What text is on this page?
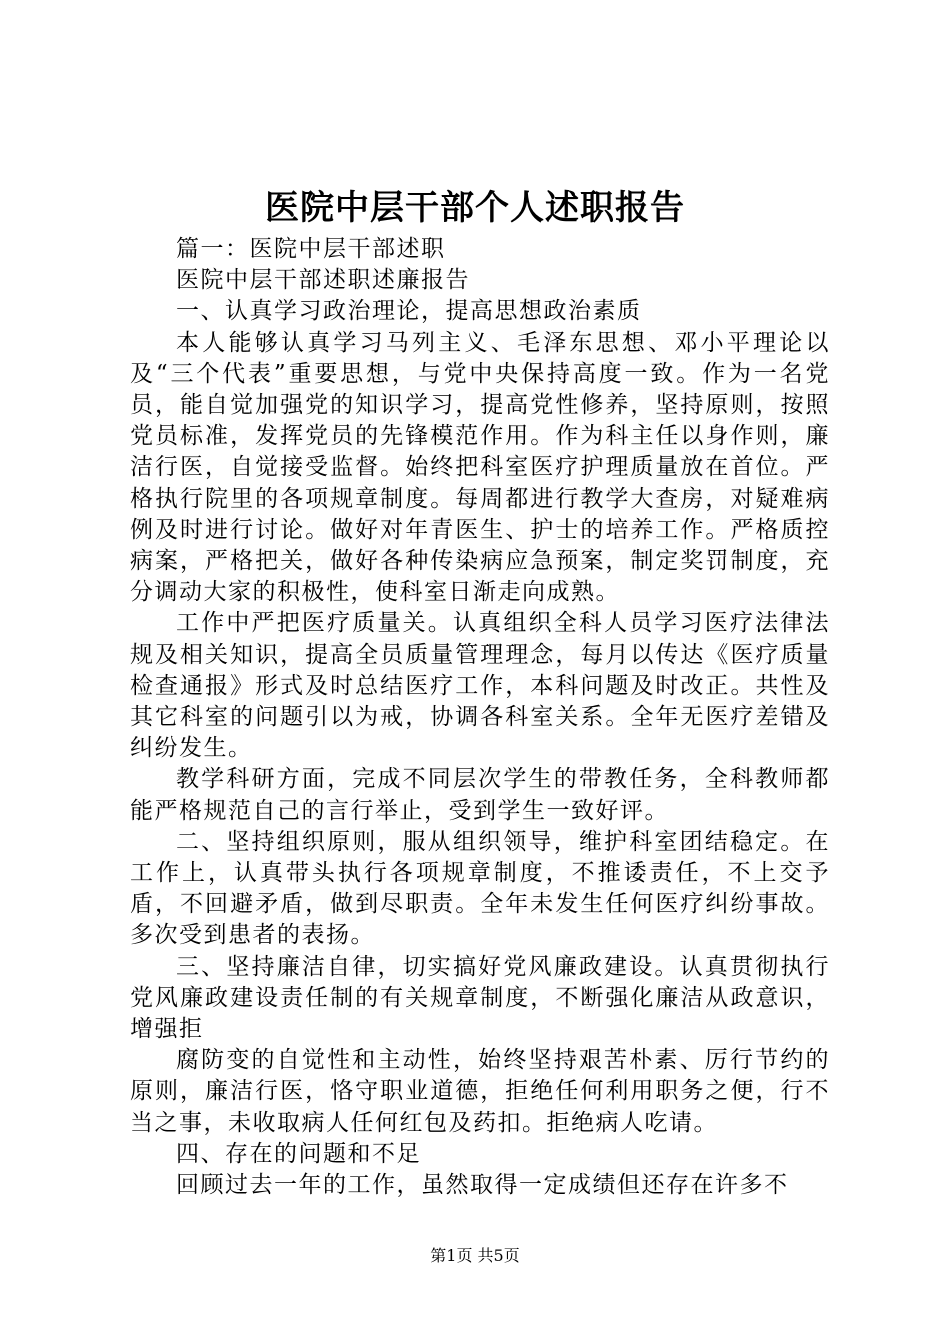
医院中层干部个人述职报告

篇一：医院中层干部述职

医院中层干部述职述廉报告

一、认真学习政治理论，提高思想政治素质

本人能够认真学习马列主义、毛泽东思想、邓小平理论以及“三个代表”重要思想，与党中央保持高度一致。作为一名党员，能自觉加强党的知识学习，提高党性修养，坚持原则，按照党员标准，发挥党员的先锋模范作用。作为科主任以身作则，廉洁行医，自觉接受监督。始终把科室医疗护理质量放在首位。严格执行院里的各项规章制度。每周都进行教学大查房，对疑难病例及时进行讨论。做好对年青医生、护士的培养工作。严格质控病案，严格把关，做好各种传染病应急预案，制定奖罚制度，充分调动大家的积极性，使科室日渐走向成熟。

工作中严把医疗质量关。认真组织全科人员学习医疗法律法规及相关知识，提高全员质量管理理念，每月以传达《医疗质量检查通报》形式及时总结医疗工作，本科问题及时改正。共性及其它科室的问题引以为戒，协调各科室关系。全年无医疗差错及纠纷发生。

教学科研方面，完成不同层次学生的带教任务，全科教师都能严格规范自己的言行举止，受到学生一致好评。

二、坚持组织原则，服从组织领导，维护科室团结稳定。在工作上，认真带头执行各项规章制度，不推诿责任，不上交予盾，不回避矛盾，做到尽职责。全年未发生任何医疗纠纷事故。多次受到患者的表扬。

三、坚持廉洁自律，切实搞好党风廉政建设。认真贯彻执行党风廉政建设责任制的有关规章制度，不断强化廉洁从政意识，增强拒

腐防变的自觉性和主动性，始终坚持艰苦朴素、厉行节约的原则，廉洁行医，恪守职业道德，拒绝任何利用职务之便，行不当之事，未收取病人任何红包及药扣。拒绝病人吃请。

四、存在的问题和不足

回顾过去一年的工作，虽然取得一定成绩但还存在许多不

第1页 共5页
